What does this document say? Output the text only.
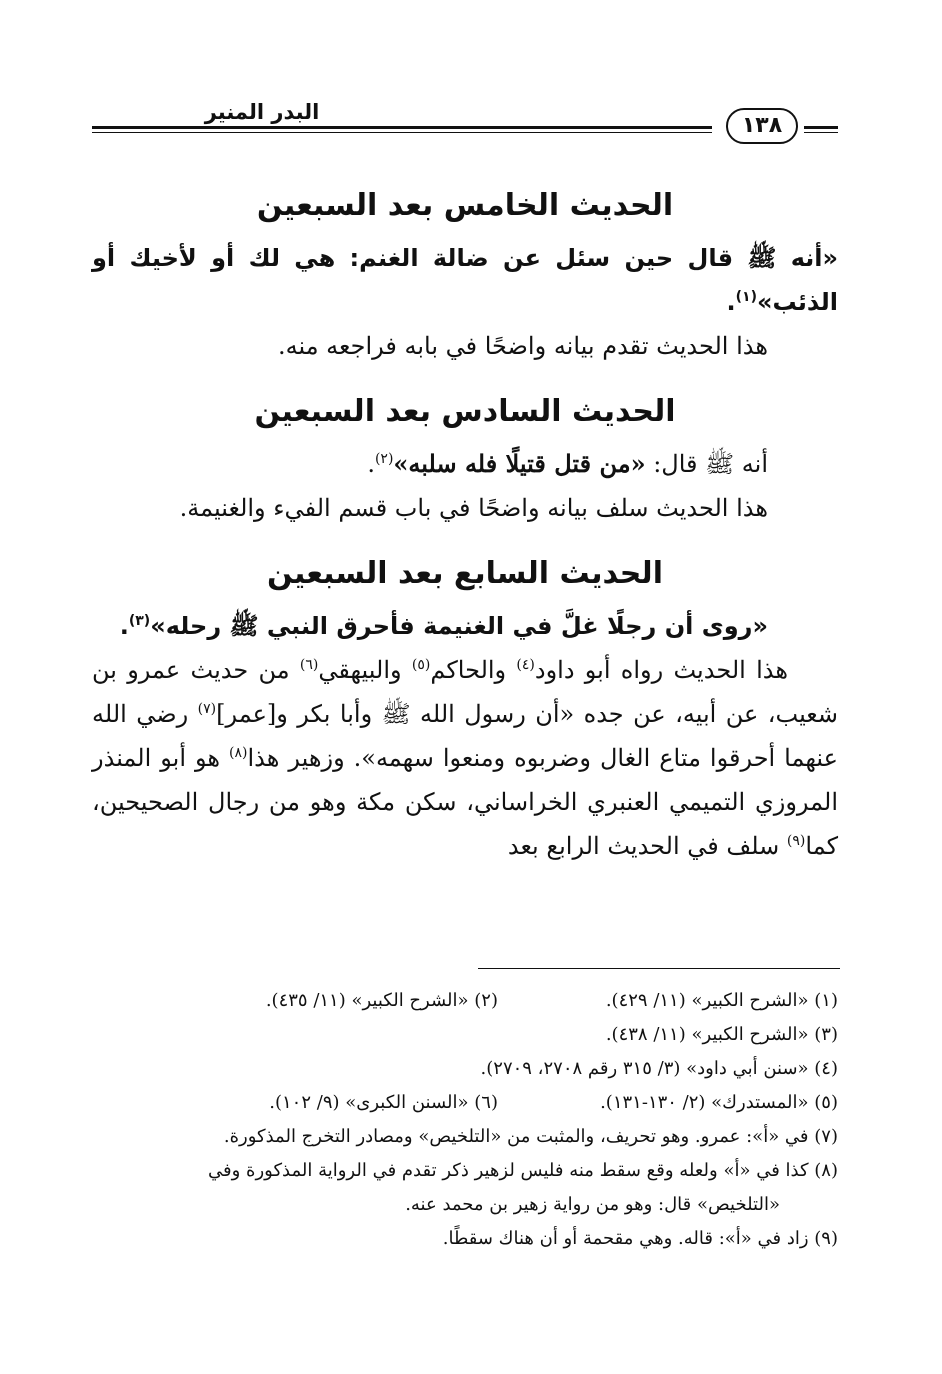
البدر المنير
١٣٨
الحديث الخامس بعد السبعين

«أنه ﷺ قال حين سئل عن ضالة الغنم: هي لك أو لأخيك أو الذئب»$^{(١)}$.

هذا الحديث تقدم بيانه واضحًا في بابه فراجعه منه.

الحديث السادس بعد السبعين

أنه ﷺ قال: «من قتل قتيلًا فله سلبه»$^{(٢)}$.

هذا الحديث سلف بيانه واضحًا في باب قسم الفيء والغنيمة.

الحديث السابع بعد السبعين

«روى أن رجلًا غلَّ في الغنيمة فأحرق النبي ﷺ رحله»$^{(٣)}$.

هذا الحديث رواه أبو داود$^{(٤)}$ والحاكم$^{(٥)}$ والبيهقي$^{(٦)}$ من حديث عمرو بن شعيب، عن أبيه، عن جده «أن رسول الله ﷺ وأبا بكر و[عمر]$^{(٧)}$ رضي الله عنهما أحرقوا متاع الغال وضربوه ومنعوا سهمه». وزهير هذا$^{(٨)}$ هو أبو المنذر المروزي التميمي العنبري الخراساني، سكن مكة وهو من رجال الصحيحين، كما$^{(٩)}$ سلف في الحديث الرابع بعد

(١) «الشرح الكبير» (١١/ ٤٢٩).(٢) «الشرح الكبير» (١١/ ٤٣٥).
(٣) «الشرح الكبير» (١١/ ٤٣٨).
(٤) «سنن أبي داود» (٣/ ٣١٥ رقم ٢٧٠٨، ٢٧٠٩).
(٥) «المستدرك» (٢/ ١٣٠-١٣١).(٦) «السنن الكبرى» (٩/ ١٠٢).
(٧) في «أ»: عمرو. وهو تحريف، والمثبت من «التلخيص» ومصادر التخرج المذكورة.
(٨) كذا في «أ» ولعله وقع سقط منه فليس لزهير ذكر تقدم في الرواية المذكورة وفي
«التلخيص» قال: وهو من رواية زهير بن محمد عنه.
(٩) زاد في «أ»: قاله. وهي مقحمة أو أن هناك سقطًا.
